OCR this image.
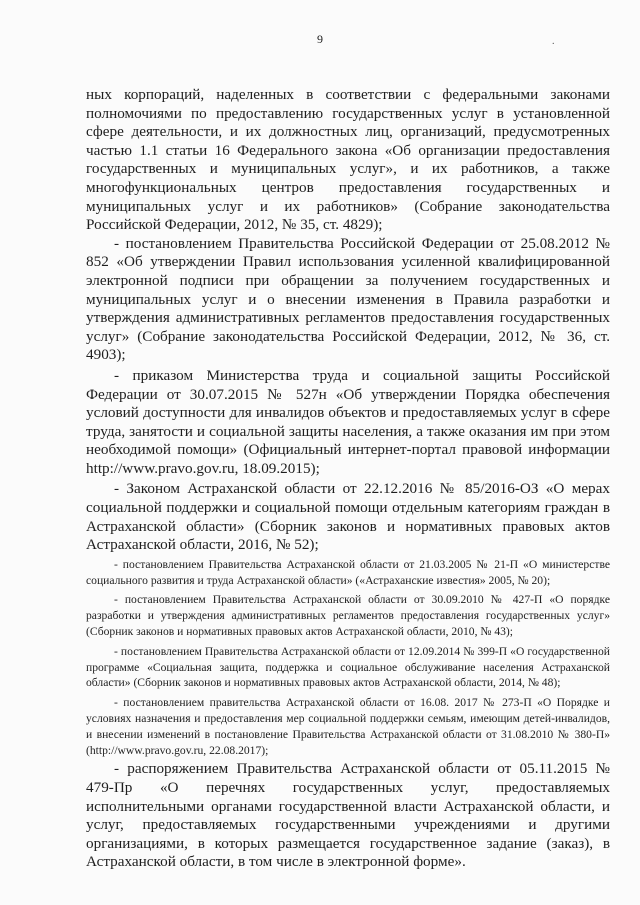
9	.

ных корпораций, наделенных в соответствии с федеральными законами полномочиями по предоставлению государственных услуг в установленной сфере деятельности, и их должностных лиц, организаций, предусмотренных частью 1.1 статьи 16 Федерального закона «Об организации предоставления государственных и муниципальных услуг», и их работников, а также многофункциональных центров предоставления государственных и муниципальных услуг и их работников» (Собрание законодательства Российской Федерации, 2012, № 35, ст. 4829);

- постановлением Правительства Российской Федерации от 25.08.2012 № 852 «Об утверждении Правил использования усиленной квалифицированной электронной подписи при обращении за получением государственных и муниципальных услуг и о внесении изменения в Правила разработки и утверждения административных регламентов предоставления государственных услуг» (Собрание законодательства Российской Федерации, 2012, № 36, ст. 4903);

- приказом Министерства труда и социальной защиты Российской Федерации от 30.07.2015 № 527н «Об утверждении Порядка обеспечения условий доступности для инвалидов объектов и предоставляемых услуг в сфере труда, занятости и социальной защиты населения, а также оказания им при этом необходимой помощи» (Официальный интернет-портал правовой информации http://www.pravo.gov.ru, 18.09.2015);

- Законом Астраханской области от 22.12.2016 № 85/2016-ОЗ «О мерах социальной поддержки и социальной помощи отдельным категориям граждан в Астраханской области» (Сборник законов и нормативных правовых актов Астраханской области, 2016, № 52);

- постановлением Правительства Астраханской области от 21.03.2005 № 21-П «О министерстве социального развития и труда Астраханской области» («Астраханские известия» 2005, № 20);

- постановлением Правительства Астраханской области от 30.09.2010 № 427-П «О порядке разработки и утверждения административных регламентов предоставления государственных услуг» (Сборник законов и нормативных правовых актов Астраханской области, 2010, № 43);

- постановлением Правительства Астраханской области от 12.09.2014 № 399-П «О государственной программе «Социальная защита, поддержка и социальное обслуживание населения Астраханской области» (Сборник законов и нормативных правовых актов Астраханской области, 2014, № 48);

- постановлением правительства Астраханской области от 16.08. 2017 № 273-П «О Порядке и условиях назначения и предоставления мер социальной поддержки семьям, имеющим детей-инвалидов, и внесении изменений в постановление Правительства Астраханской области от 31.08.2010 № 380-П» (http://www.pravo.gov.ru, 22.08.2017);

- распоряжением Правительства Астраханской области от 05.11.2015 № 479-Пр «О перечнях государственных услуг, предоставляемых исполнительными органами государственной власти Астраханской области, и услуг, предоставляемых государственными учреждениями и другими организациями, в которых размещается государственное задание (заказ), в Астраханской области, в том числе в электронной форме».
